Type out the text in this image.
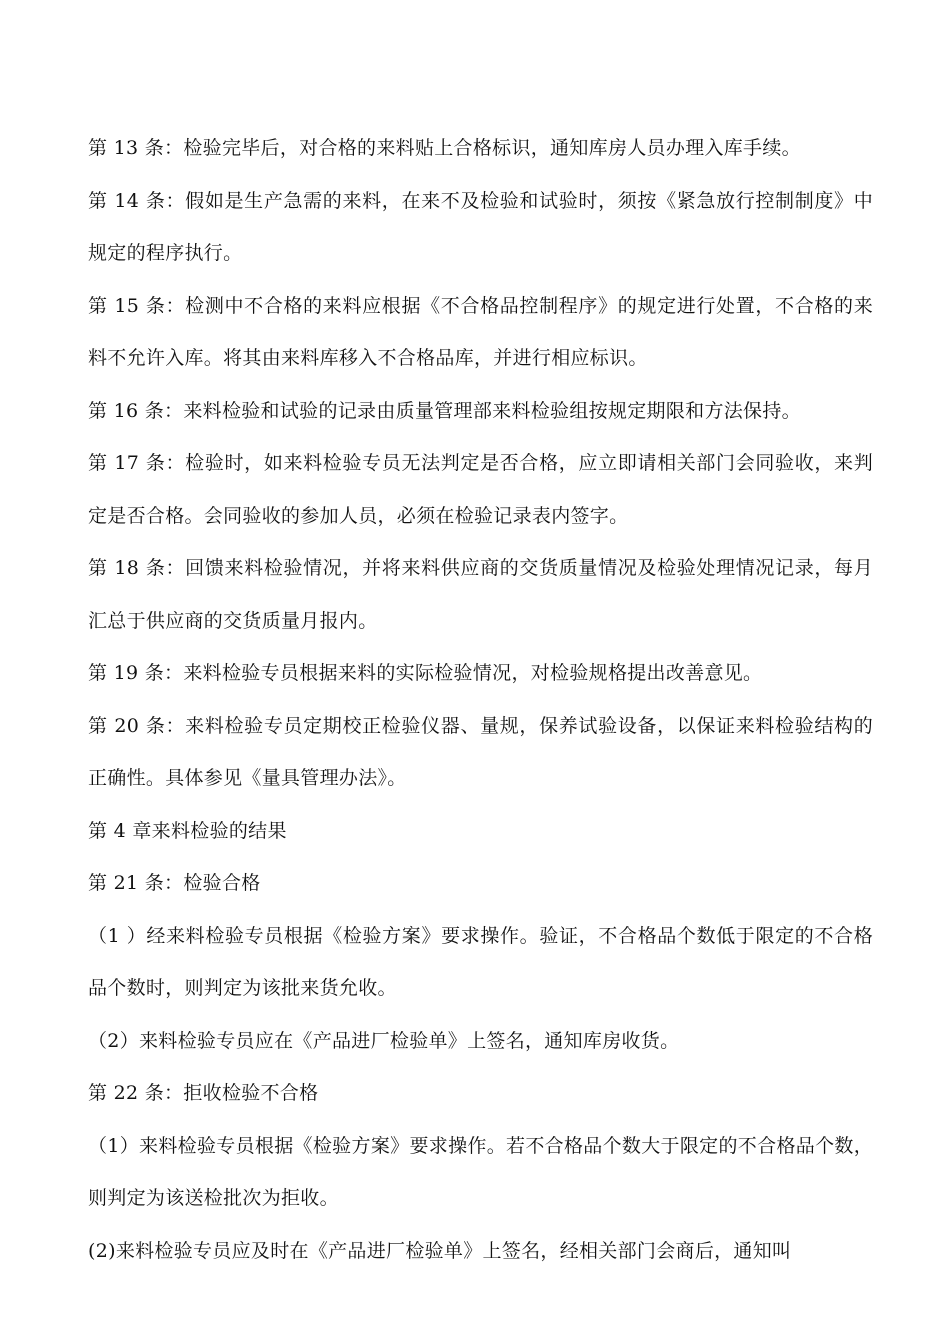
第 13 条：检验完毕后，对合格的来料贴上合格标识，通知库房人员办理入库手续。

第 14 条：假如是生产急需的来料，在来不及检验和试验时，须按《紧急放行控制制度》中规定的程序执行。

第 15 条：检测中不合格的来料应根据《不合格品控制程序》的规定进行处置，不合格的来料不允许入库。将其由来料库移入不合格品库，并进行相应标识。

第 16 条：来料检验和试验的记录由质量管理部来料检验组按规定期限和方法保持。

第 17 条：检验时，如来料检验专员无法判定是否合格，应立即请相关部门会同验收，来判定是否合格。会同验收的参加人员，必须在检验记录表内签字。

第 18 条：回馈来料检验情况，并将来料供应商的交货质量情况及检验处理情况记录，每月汇总于供应商的交货质量月报内。

第 19 条：来料检验专员根据来料的实际检验情况，对检验规格提出改善意见。

第 20 条：来料检验专员定期校正检验仪器、量规，保养试验设备，以保证来料检验结构的正确性。具体参见《量具管理办法》。

第 4 章来料检验的结果

第 21 条：检验合格

（1 ）经来料检验专员根据《检验方案》要求操作。验证，不合格品个数低于限定的不合格品个数时，则判定为该批来货允收。

（2）来料检验专员应在《产品进厂检验单》上签名，通知库房收货。

第 22 条：拒收检验不合格

（1）来料检验专员根据《检验方案》要求操作。若不合格品个数大于限定的不合格品个数，则判定为该送检批次为拒收。

(2)来料检验专员应及时在《产品进厂检验单》上签名，经相关部门会商后，通知叫
